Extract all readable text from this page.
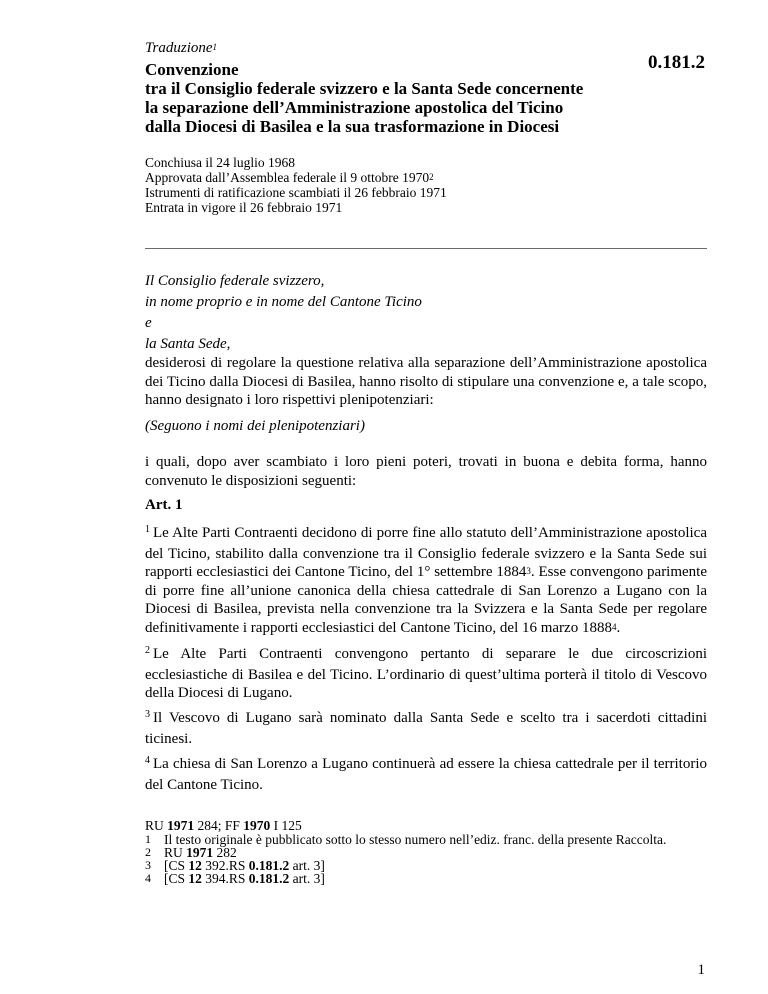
Traduzione$^1$
0.181.2
Convenzione
tra il Consiglio federale svizzero e la Santa Sede concernente
la separazione dell’Amministrazione apostolica del Ticino
dalla Diocesi di Basilea e la sua trasformazione in Diocesi
Conchiusa il 24 luglio 1968
Approvata dall’Assemblea federale il 9 ottobre 1970$^2$
Istrumenti di ratificazione scambiati il 26 febbraio 1971
Entrata in vigore il 26 febbraio 1971
Il Consiglio federale svizzero,
in nome proprio e in nome del Cantone Ticino
e
la Santa Sede,

desiderosi di regolare la questione relativa alla separazione dell’Amministrazione apostolica dei Ticino dalla Diocesi di Basilea, hanno risolto di stipulare una convenzione e, a tale scopo, hanno designato i loro rispettivi plenipotenziari:

(Seguono i nomi dei plenipotenziari)

i quali, dopo aver scambiato i loro pieni poteri, trovati in buona e debita forma, hanno convenuto le disposizioni seguenti:

Art. 1

$^1$ Le Alte Parti Contraenti decidono di porre fine allo statuto dell’Amministrazione apostolica del Ticino, stabilito dalla convenzione tra il Consiglio federale svizzero e la Santa Sede sui rapporti ecclesiastici dei Cantone Ticino, del 1° settembre 1884$^3$. Esse convengono parimente di porre fine all’unione canonica della chiesa cattedrale di San Lorenzo a Lugano con la Diocesi di Basilea, prevista nella convenzione tra la Svizzera e la Santa Sede per regolare definitivamente i rapporti ecclesiastici del Cantone Ticino, del 16 marzo 1888$^4$.

$^2$ Le Alte Parti Contraenti convengono pertanto di separare le due circoscrizioni ecclesiastiche di Basilea e del Ticino. L’ordinario di quest’ultima porterà il titolo di Vescovo della Diocesi di Lugano.

$^3$ Il Vescovo di Lugano sarà nominato dalla Santa Sede e scelto tra i sacerdoti cittadini ticinesi.

$^4$ La chiesa di San Lorenzo a Lugano continuerà ad essere la chiesa cattedrale per il territorio del Cantone Ticino.

RU 1971 284; FF 1970 I 125
1 Il testo originale è pubblicato sotto lo stesso numero nell’ediz. franc. della presente Raccolta.
2 RU 1971 282
3 [CS 12 392.RS 0.181.2 art. 3]
4 [CS 12 394.RS 0.181.2 art. 3]
1
